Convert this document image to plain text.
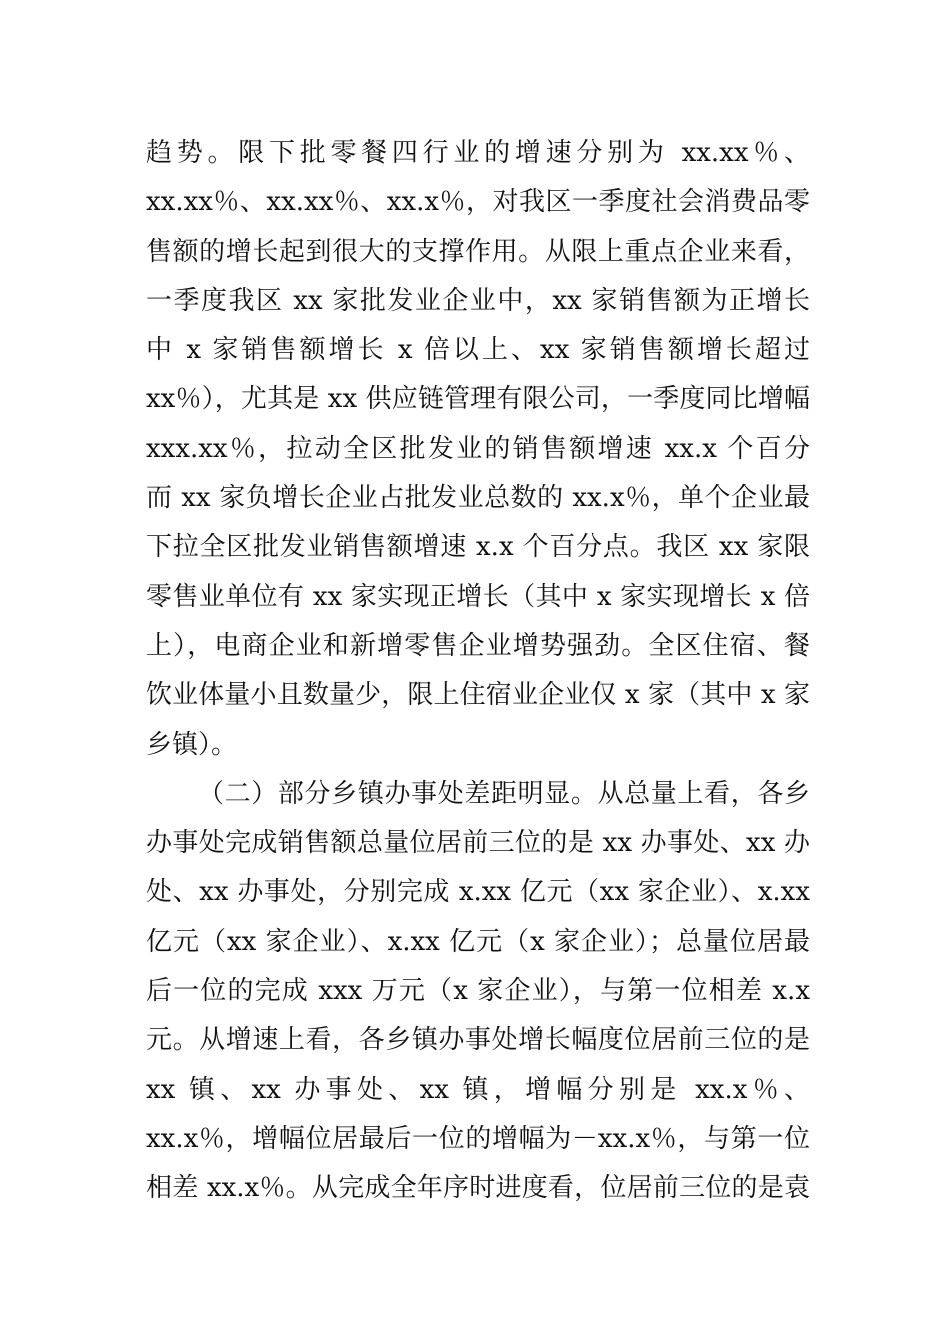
趋势。限下批零餐四行业的增速分别为 xx.xx％、
xx.xx％、xx.xx％、xx.x％，对我区一季度社会消费品零
售额的增长起到很大的支撑作用。从限上重点企业来看，
一季度我区 xx 家批发业企业中，xx 家销售额为正增长
中 x 家销售额增长 x 倍以上、xx 家销售额增长超过
xx％），尤其是 xx 供应链管理有限公司，一季度同比增幅
xxx.xx％，拉动全区批发业的销售额增速 xx.x 个百分
而 xx 家负增长企业占批发业总数的 xx.x％，单个企业最
下拉全区批发业销售额增速 x.x 个百分点。我区 xx 家限
零售业单位有 xx 家实现正增长（其中 x 家实现增长 x 倍
上），电商企业和新增零售企业增势强劲。全区住宿、餐
饮业体量小且数量少，限上住宿业企业仅 x 家（其中 x 家
乡镇）。
（二）部分乡镇办事处差距明显。从总量上看，各乡
办事处完成销售额总量位居前三位的是 xx 办事处、xx 办
处、xx 办事处，分别完成 x.xx 亿元（xx 家企业）、x.xx
亿元（xx 家企业）、x.xx 亿元（x 家企业）；总量位居最
后一位的完成 xxx 万元（x 家企业），与第一位相差 x.x
元。从增速上看，各乡镇办事处增长幅度位居前三位的是
xx 镇、xx 办事处、xx 镇，增幅分别是 xx.x％、
xx.x％，增幅位居最后一位的增幅为－xx.x％，与第一位
相差 xx.x％。从完成全年序时进度看，位居前三位的是袁
